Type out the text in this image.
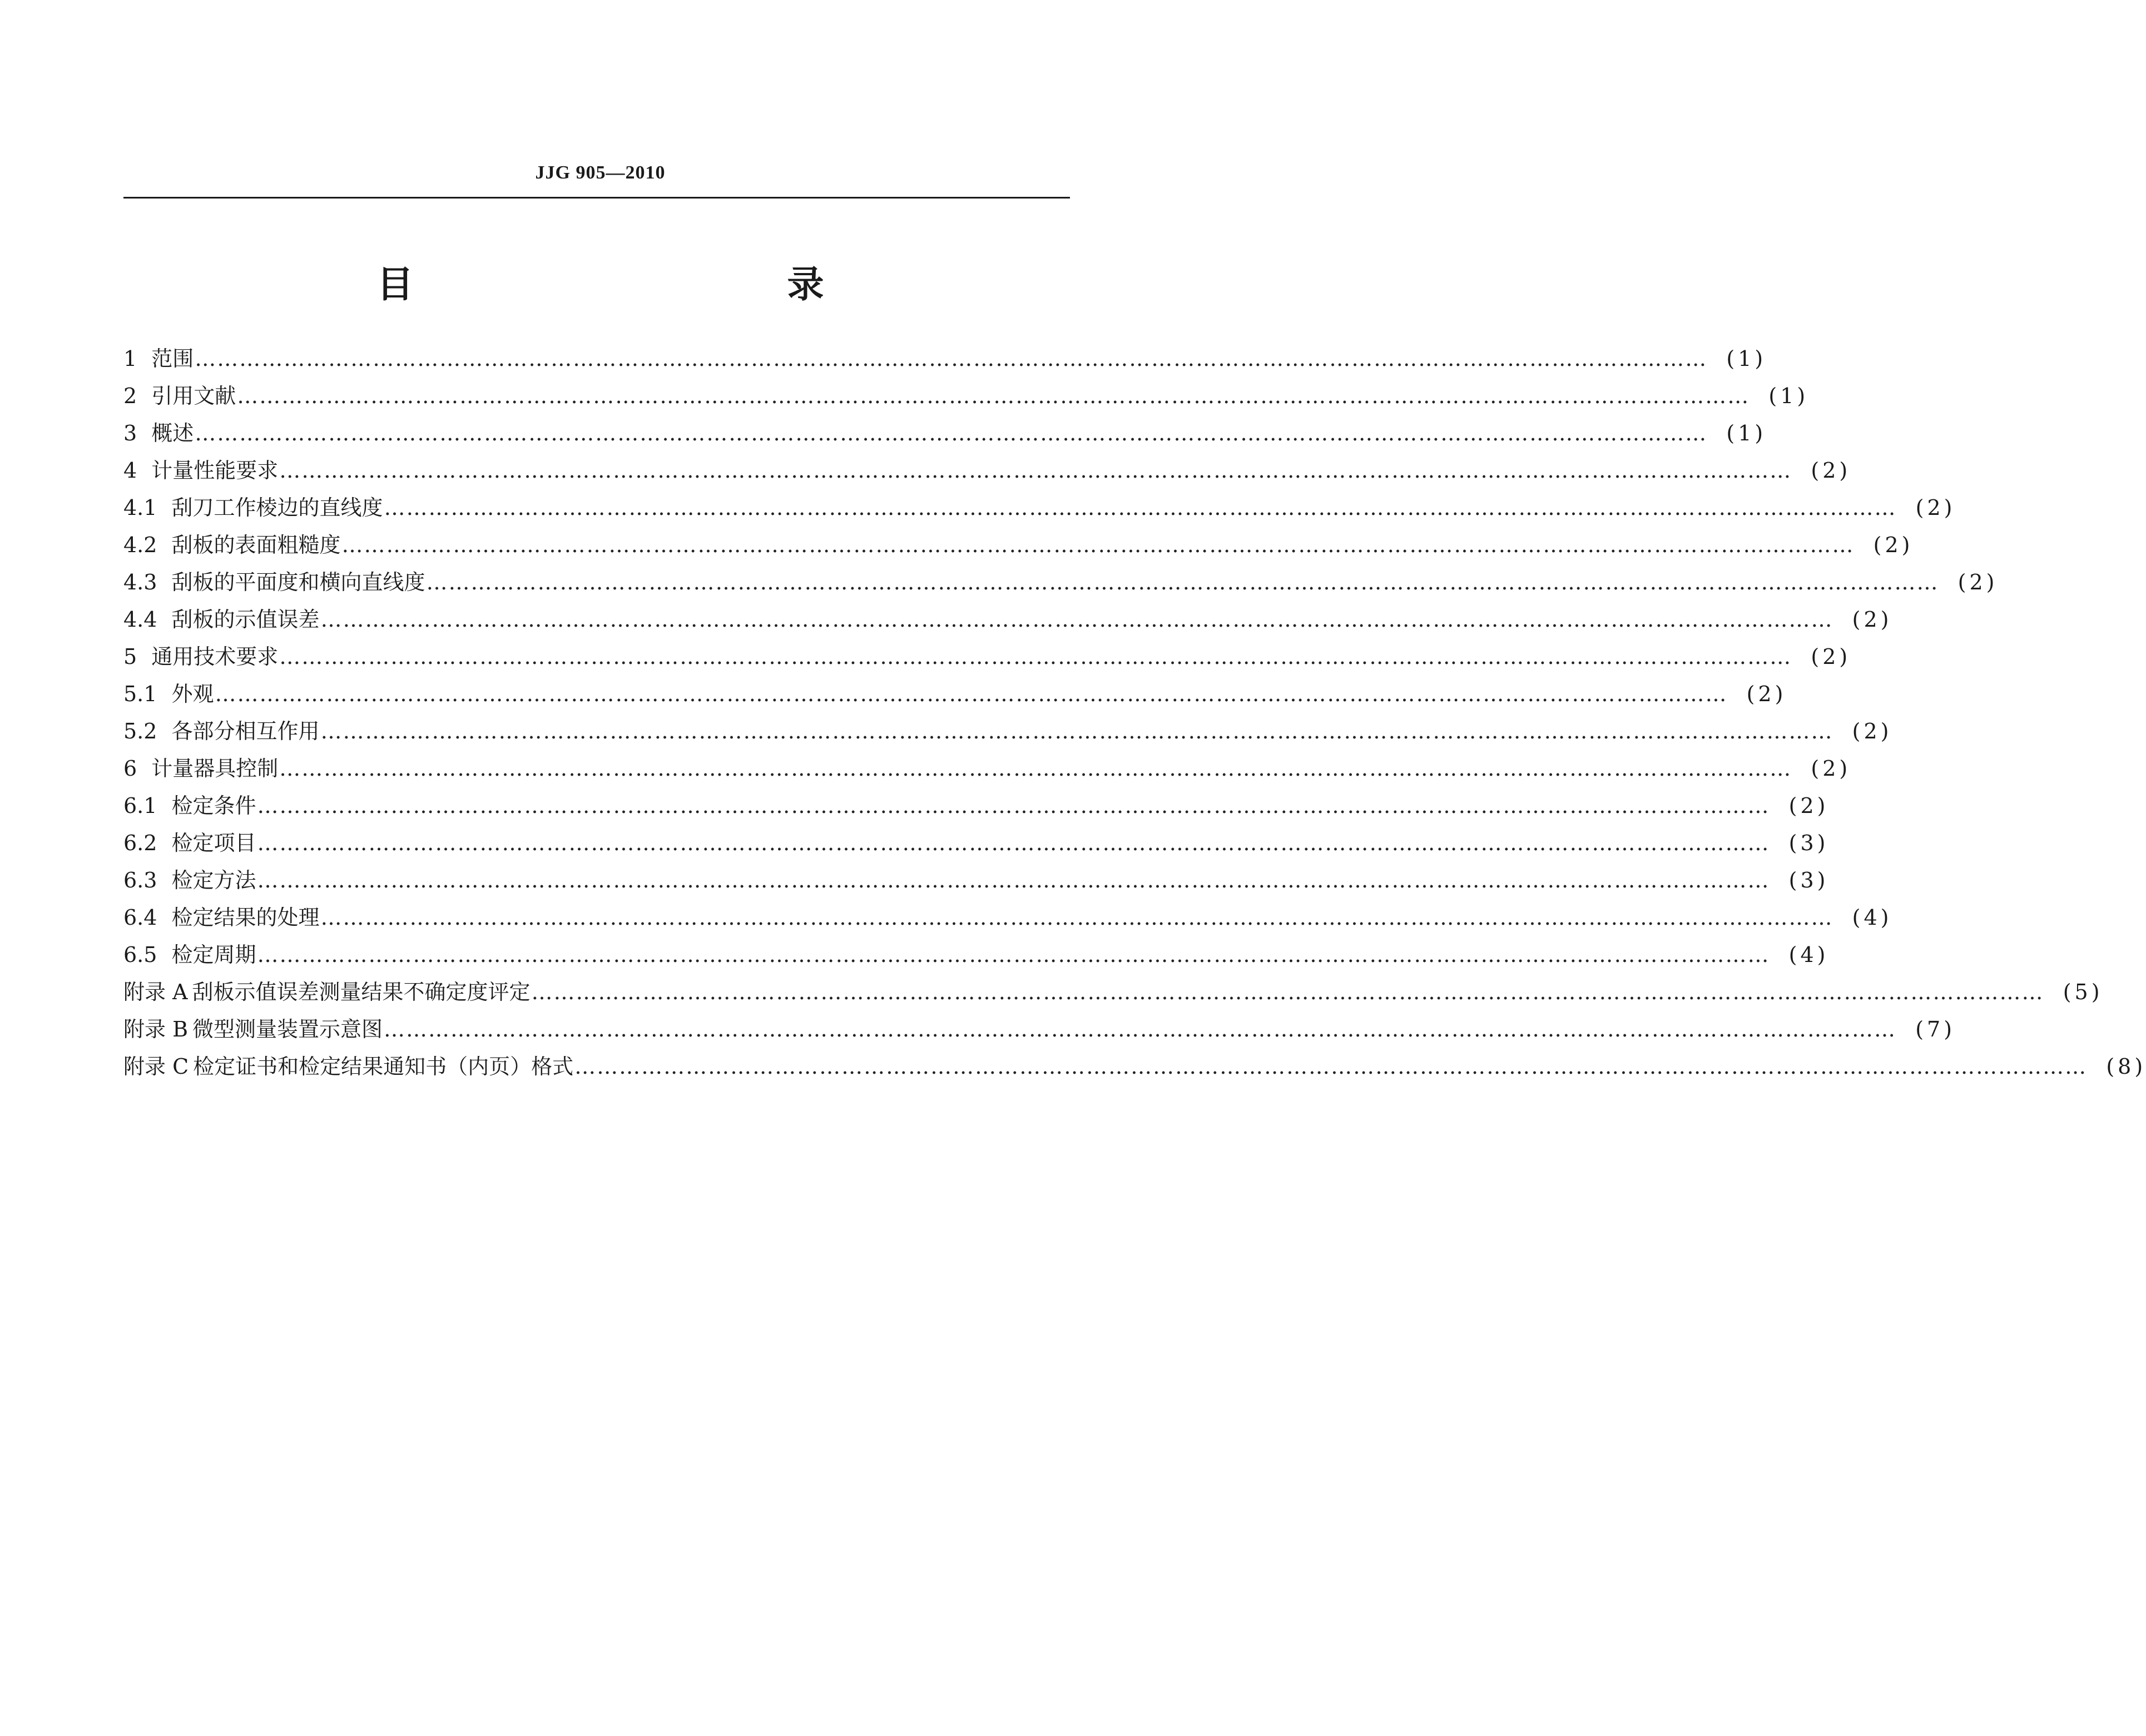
JJG 905—2010
目　　录
1 范围 …………………………………………………………………………………………………………………………………………………………………………………… (1)
2 引用文献 …………………………………………………………………………………………………………………………………………………………………………………… (1)
3 概述 …………………………………………………………………………………………………………………………………………………………………………………… (1)
4 计量性能要求 …………………………………………………………………………………………………………………………………………………………………………………… (2)
4.1 刮刀工作棱边的直线度 …………………………………………………………………………………………………………………………………………………………………………………… (2)
4.2 刮板的表面粗糙度 …………………………………………………………………………………………………………………………………………………………………………………… (2)
4.3 刮板的平面度和横向直线度 …………………………………………………………………………………………………………………………………………………………………………………… (2)
4.4 刮板的示值误差 …………………………………………………………………………………………………………………………………………………………………………………… (2)
5 通用技术要求 …………………………………………………………………………………………………………………………………………………………………………………… (2)
5.1 外观 …………………………………………………………………………………………………………………………………………………………………………………… (2)
5.2 各部分相互作用 …………………………………………………………………………………………………………………………………………………………………………………… (2)
6 计量器具控制 …………………………………………………………………………………………………………………………………………………………………………………… (2)
6.1 检定条件 …………………………………………………………………………………………………………………………………………………………………………………… (2)
6.2 检定项目 …………………………………………………………………………………………………………………………………………………………………………………… (3)
6.3 检定方法 …………………………………………………………………………………………………………………………………………………………………………………… (3)
6.4 检定结果的处理 …………………………………………………………………………………………………………………………………………………………………………………… (4)
6.5 检定周期 …………………………………………………………………………………………………………………………………………………………………………………… (4)
附录 A 刮板示值误差测量结果不确定度评定 …………………………………………………………………………………………………………………………………………………………………………………… (5)
附录 B 微型测量装置示意图 …………………………………………………………………………………………………………………………………………………………………………………… (7)
附录 C 检定证书和检定结果通知书（内页）格式 …………………………………………………………………………………………………………………………………………………………………………………… (8)
